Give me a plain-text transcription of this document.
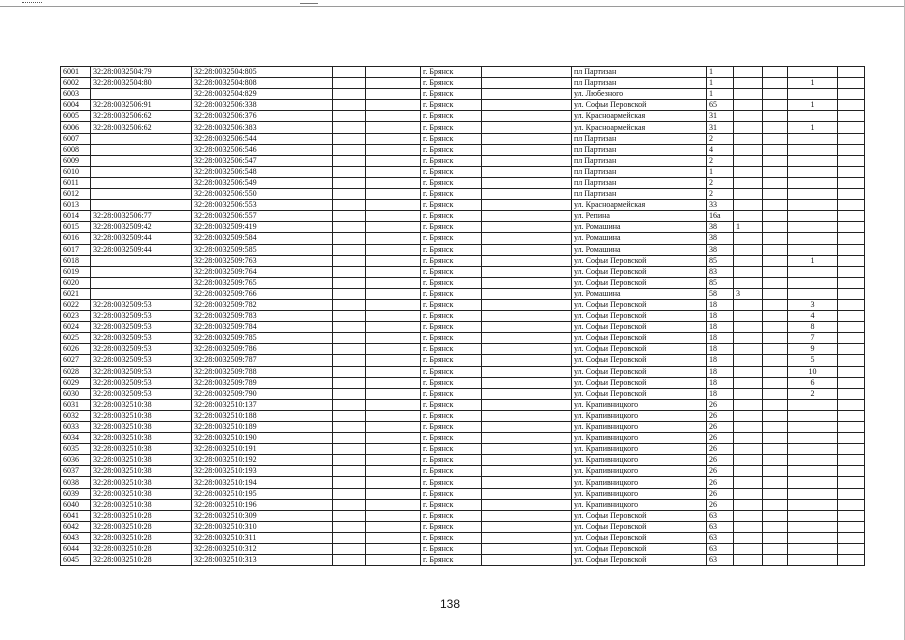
6001	32:28:0032504:79	32:28:0032504:805			г. Брянск		пл Партизан	1				
6002	32:28:0032504:80	32:28:0032504:808			г. Брянск		пл Партизан	1			1	
6003		32:28:0032504:829			г. Брянск		ул. Любезного	1				
6004	32:28:0032506:91	32:28:0032506:338			г. Брянск		ул. Софьи Перовской	65			1	
6005	32:28:0032506:62	32:28:0032506:376			г. Брянск		ул. Красноармейская	31				
6006	32:28:0032506:62	32:28:0032506:383			г. Брянск		ул. Красноармейская	31			1	
6007		32:28:0032506:544			г. Брянск		пл Партизан	2				
6008		32:28:0032506:546			г. Брянск		пл Партизан	4				
6009		32:28:0032506:547			г. Брянск		пл Партизан	2				
6010		32:28:0032506:548			г. Брянск		пл Партизан	1				
6011		32:28:0032506:549			г. Брянск		пл Партизан	2				
6012		32:28:0032506:550			г. Брянск		пл Партизан	2				
6013		32:28:0032506:553			г. Брянск		ул. Красноармейская	33				
6014	32:28:0032506:77	32:28:0032506:557			г. Брянск		ул. Репина	16а				
6015	32:28:0032509:42	32:28:0032509:419			г. Брянск		ул. Ромашина	38	1			
6016	32:28:0032509:44	32:28:0032509:584			г. Брянск		ул. Ромашина	38				
6017	32:28:0032509:44	32:28:0032509:585			г. Брянск		ул. Ромашина	38				
6018		32:28:0032509:763			г. Брянск		ул. Софьи Перовской	85			1	
6019		32:28:0032509:764			г. Брянск		ул. Софьи Перовской	83				
6020		32:28:0032509:765			г. Брянск		ул. Софьи Перовской	85				
6021		32:28:0032509:766			г. Брянск		ул. Ромашина	58	3			
6022	32:28:0032509:53	32:28:0032509:782			г. Брянск		ул. Софьи Перовской	18			3	
6023	32:28:0032509:53	32:28:0032509:783			г. Брянск		ул. Софьи Перовской	18			4	
6024	32:28:0032509:53	32:28:0032509:784			г. Брянск		ул. Софьи Перовской	18			8	
6025	32:28:0032509:53	32:28:0032509:785			г. Брянск		ул. Софьи Перовской	18			7	
6026	32:28:0032509:53	32:28:0032509:786			г. Брянск		ул. Софьи Перовской	18			9	
6027	32:28:0032509:53	32:28:0032509:787			г. Брянск		ул. Софьи Перовской	18			5	
6028	32:28:0032509:53	32:28:0032509:788			г. Брянск		ул. Софьи Перовской	18			10	
6029	32:28:0032509:53	32:28:0032509:789			г. Брянск		ул. Софьи Перовской	18			6	
6030	32:28:0032509:53	32:28:0032509:790			г. Брянск		ул. Софьи Перовской	18			2	
6031	32:28:0032510:38	32:28:0032510:137			г. Брянск		ул. Крапивницкого	26				
6032	32:28:0032510:38	32:28:0032510:188			г. Брянск		ул. Крапивницкого	26				
6033	32:28:0032510:38	32:28:0032510:189			г. Брянск		ул. Крапивницкого	26				
6034	32:28:0032510:38	32:28:0032510:190			г. Брянск		ул. Крапивницкого	26				
6035	32:28:0032510:38	32:28:0032510:191			г. Брянск		ул. Крапивницкого	26				
6036	32:28:0032510:38	32:28:0032510:192			г. Брянск		ул. Крапивницкого	26				
6037	32:28:0032510:38	32:28:0032510:193			г. Брянск		ул. Крапивницкого	26				
6038	32:28:0032510:38	32:28:0032510:194			г. Брянск		ул. Крапивницкого	26				
6039	32:28:0032510:38	32:28:0032510:195			г. Брянск		ул. Крапивницкого	26				
6040	32:28:0032510:38	32:28:0032510:196			г. Брянск		ул. Крапивницкого	26				
6041	32:28:0032510:28	32:28:0032510:309			г. Брянск		ул. Софьи Перовской	63				
6042	32:28:0032510:28	32:28:0032510:310			г. Брянск		ул. Софьи Перовской	63				
6043	32:28:0032510:28	32:28:0032510:311			г. Брянск		ул. Софьи Перовской	63				
6044	32:28:0032510:28	32:28:0032510:312			г. Брянск		ул. Софьи Перовской	63				
6045	32:28:0032510:28	32:28:0032510:313			г. Брянск		ул. Софьи Перовской	63				
138
